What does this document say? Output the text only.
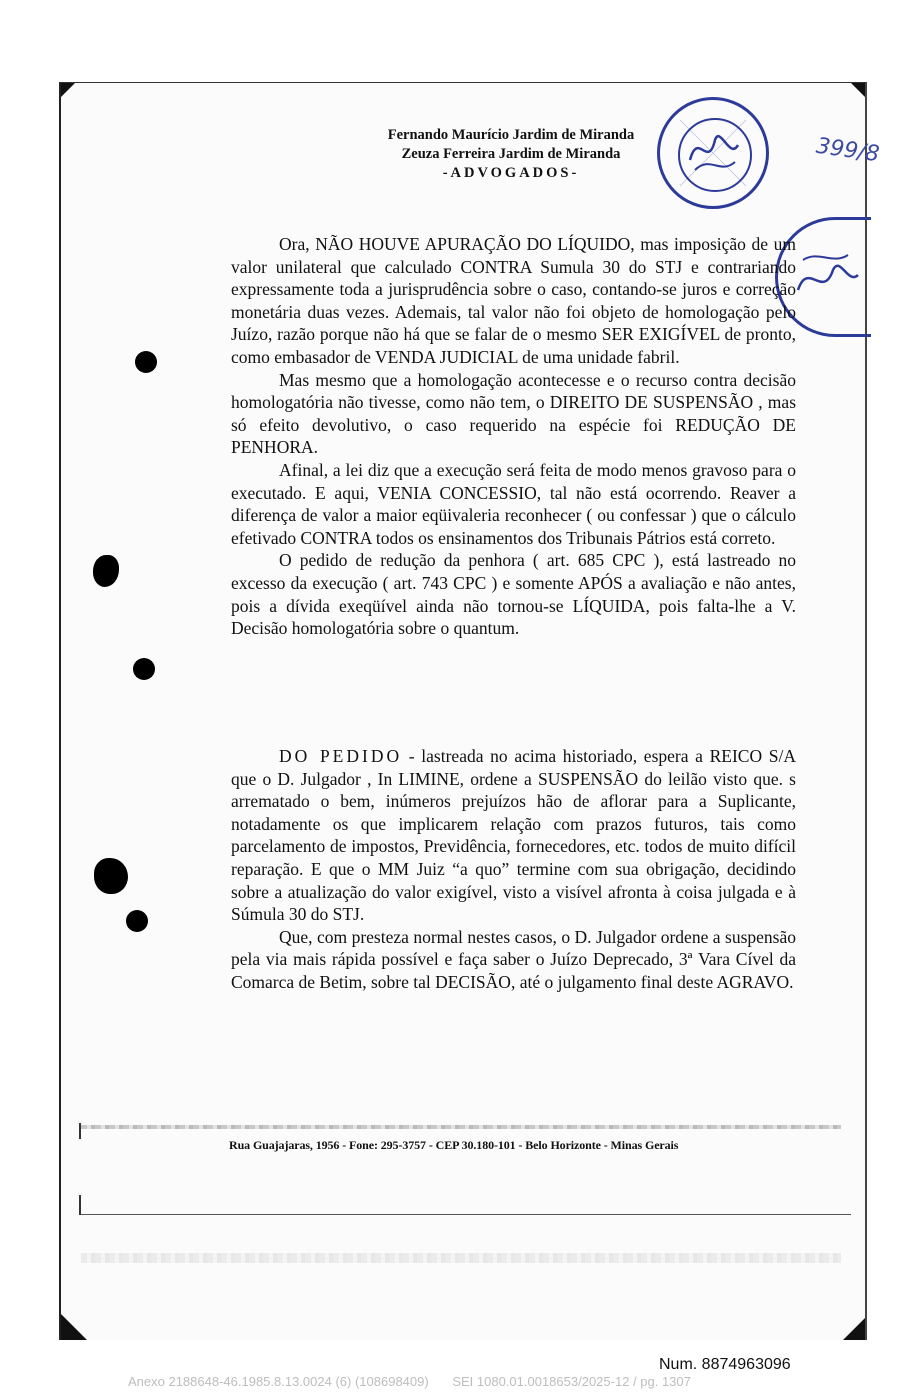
Fernando Maurício Jardim de Miranda
Zeuza Ferreira Jardim de Miranda
-ADVOGADOS-
399/8

Ora, NÃO HOUVE APURAÇÃO DO LÍQUIDO, mas imposição de um valor unilateral que calculado CONTRA Sumula 30 do STJ e contrariando expressamente toda a jurisprudência sobre o caso, contando-se juros e correção monetária duas vezes. Ademais, tal valor não foi objeto de homologação pelo Juízo, razão porque não há que se falar de o mesmo SER EXIGÍVEL de pronto, como embasador de VENDA JUDICIAL de uma unidade fabril.

Mas mesmo que a homologação acontecesse e o recurso contra decisão homologatória não tivesse, como não tem, o DIREITO DE SUSPENSÃO , mas só efeito devolutivo, o caso requerido na espécie foi REDUÇÃO DE PENHORA.

Afinal, a lei diz que a execução será feita de modo menos gravoso para o executado. E aqui, VENIA CONCESSIO, tal não está ocorrendo. Reaver a diferença de valor a maior eqüivaleria reconhecer ( ou confessar ) que o cálculo efetivado CONTRA todos os ensinamentos dos Tribunais Pátrios está correto.

O pedido de redução da penhora ( art. 685 CPC ), está lastreado no excesso da execução ( art. 743 CPC ) e somente APÓS a avaliação e não antes, pois a dívida exeqüível ainda não tornou-se LÍQUIDA, pois falta-lhe a V. Decisão homologatória sobre o quantum.

DO PEDIDO - lastreada no acima historiado, espera a REICO S/A que o D. Julgador , In LIMINE, ordene a SUSPENSÃO do leilão visto que. s arrematado o bem, inúmeros prejuízos hão de aflorar para a Suplicante, notadamente os que implicarem relação com prazos futuros, tais como parcelamento de impostos, Previdência, fornecedores, etc. todos de muito difícil reparação. E que o MM Juiz “a quo” termine com sua obrigação, decidindo sobre a atualização do valor exigível, visto a visível afronta à coisa julgada e à Súmula 30 do STJ.

Que, com presteza normal nestes casos, o D. Julgador ordene a suspensão pela via mais rápida possível e faça saber o Juízo Deprecado, 3ª Vara Cível da Comarca de Betim, sobre tal DECISÃO, até o julgamento final deste AGRAVO.

Rua Guajajaras, 1956 - Fone: 295-3757 - CEP 30.180-101 - Belo Horizonte - Minas Gerais
Num. 8874963096
Anexo 2188648-46.1985.8.13.0024 (6) (108698409) SEI 1080.01.0018653/2025-12 / pg. 1307
